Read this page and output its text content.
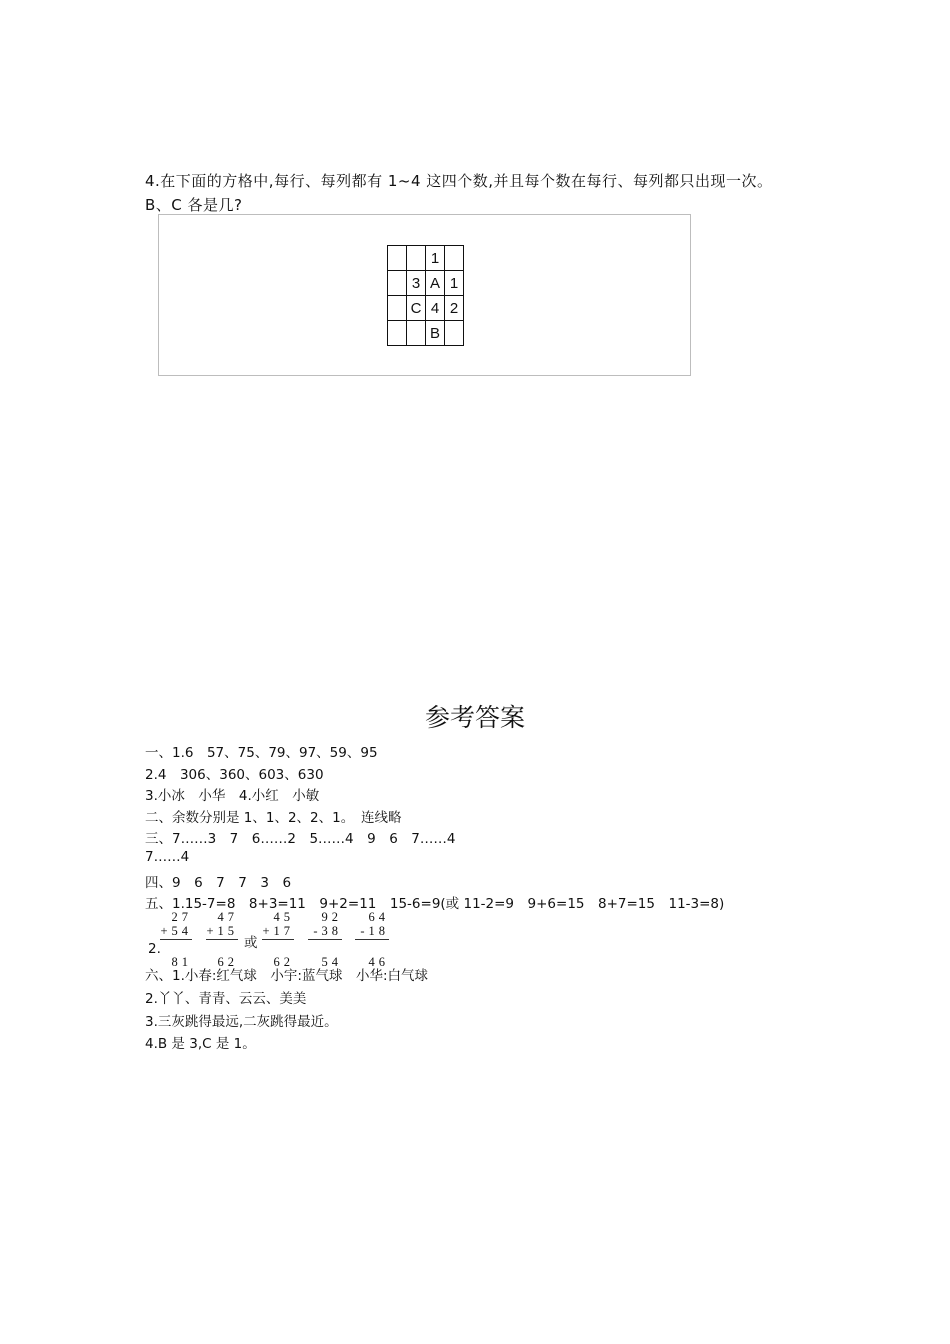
4.在下面的方格中,每行、每列都有 1~4 这四个数,并且每个数在每行、每列都只出现一次。
B、C 各是几?
		1	
	3	A	1
	C	4	2
		B	
参考答案
一、1.6　57、75、79、97、59、95
2.4　306、360、603、630
3.小冰　小华　4.小红　小敏
二、余数分别是 1、1、2、2、1。　连线略
三、7……3　7　6……2　5……4　9　6　7……4
7……4
四、9　6　7　7　3　6
五、1.15-7=8　8+3=11　9+2=11　15-6=9(或 11-2=9　9+6=15　8+7=15　11-3=8)
2.
27
+54
81
47
+15
62
或
45
+17
62
92
-38
54
64
-18
46
六、1.小春:红气球　小宇:蓝气球　小华:白气球
2.丫丫、青青、云云、美美
3.三灰跳得最远,二灰跳得最近。
4.B 是 3,C 是 1。
